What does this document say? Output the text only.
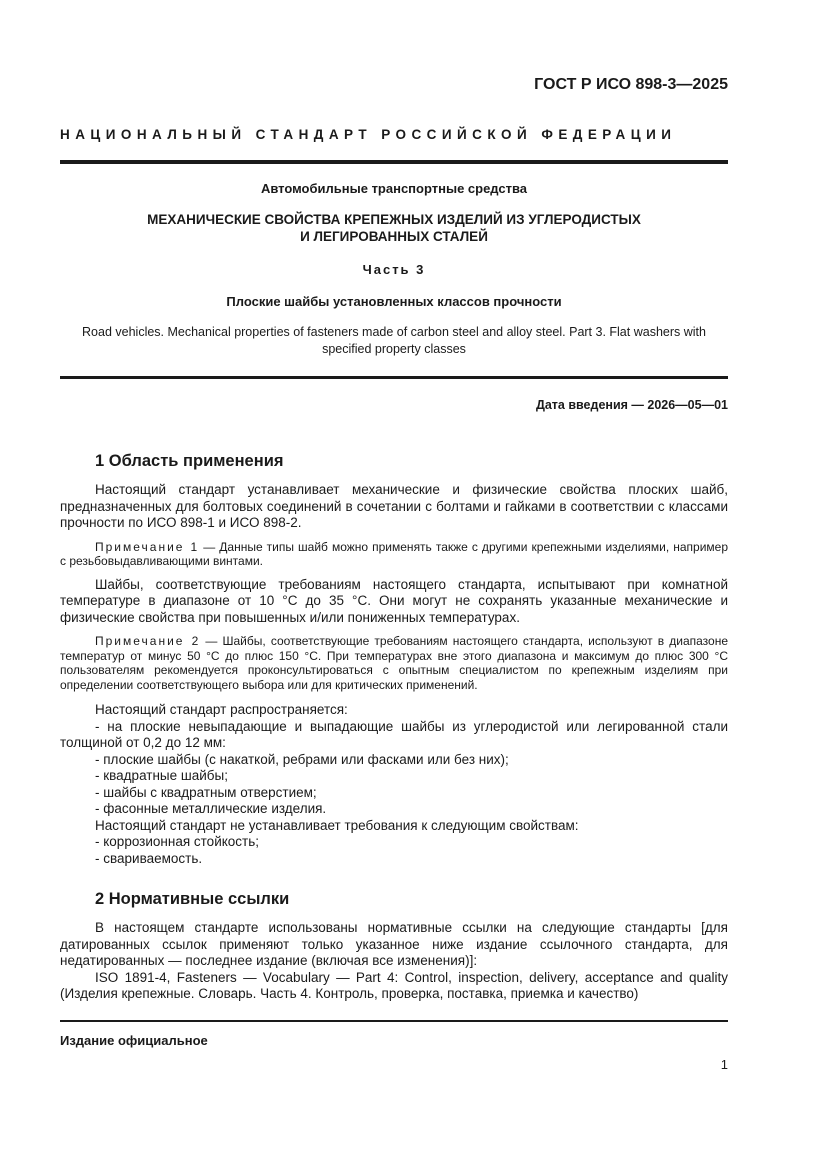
ГОСТ Р ИСО 898-3—2025
НАЦИОНАЛЬНЫЙ СТАНДАРТ РОССИЙСКОЙ ФЕДЕРАЦИИ
Автомобильные транспортные средства
МЕХАНИЧЕСКИЕ СВОЙСТВА КРЕПЕЖНЫХ ИЗДЕЛИЙ ИЗ УГЛЕРОДИСТЫХ
И ЛЕГИРОВАННЫХ СТАЛЕЙ
Часть 3
Плоские шайбы установленных классов прочности
Road vehicles. Mechanical properties of fasteners made of carbon steel and alloy steel. Part 3. Flat washers with specified property classes
Дата введения — 2026—05—01
1 Область применения

Настоящий стандарт устанавливает механические и физические свойства плоских шайб, предназначенных для болтовых соединений в сочетании с болтами и гайками в соответствии с классами прочности по ИСО 898-1 и ИСО 898-2.

Примечание 1 — Данные типы шайб можно применять также с другими крепежными изделиями, например с резьбовыдавливающими винтами.

Шайбы, соответствующие требованиям настоящего стандарта, испытывают при комнатной температуре в диапазоне от 10 °C до 35 °C. Они могут не сохранять указанные механические и физические свойства при повышенных и/или пониженных температурах.

Примечание 2 — Шайбы, соответствующие требованиям настоящего стандарта, используют в диапазоне температур от минус 50 °C до плюс 150 °C. При температурах вне этого диапазона и максимум до плюс 300 °C пользователям рекомендуется проконсультироваться с опытным специалистом по крепежным изделиям при определении соответствующего выбора или для критических применений.

Настоящий стандарт распространяется:

- на плоские невыпадающие и выпадающие шайбы из углеродистой или легированной стали толщиной от 0,2 до 12 мм:

- плоские шайбы (с накаткой, ребрами или фасками или без них);

- квадратные шайбы;

- шайбы с квадратным отверстием;

- фасонные металлические изделия.

Настоящий стандарт не устанавливает требования к следующим свойствам:

- коррозионная стойкость;

- свариваемость.

2 Нормативные ссылки

В настоящем стандарте использованы нормативные ссылки на следующие стандарты [для датированных ссылок применяют только указанное ниже издание ссылочного стандарта, для недатированных — последнее издание (включая все изменения)]:

ISO 1891-4, Fasteners — Vocabulary — Part 4: Control, inspection, delivery, acceptance and quality (Изделия крепежные. Словарь. Часть 4. Контроль, проверка, поставка, приемка и качество)

Издание официальное
1
